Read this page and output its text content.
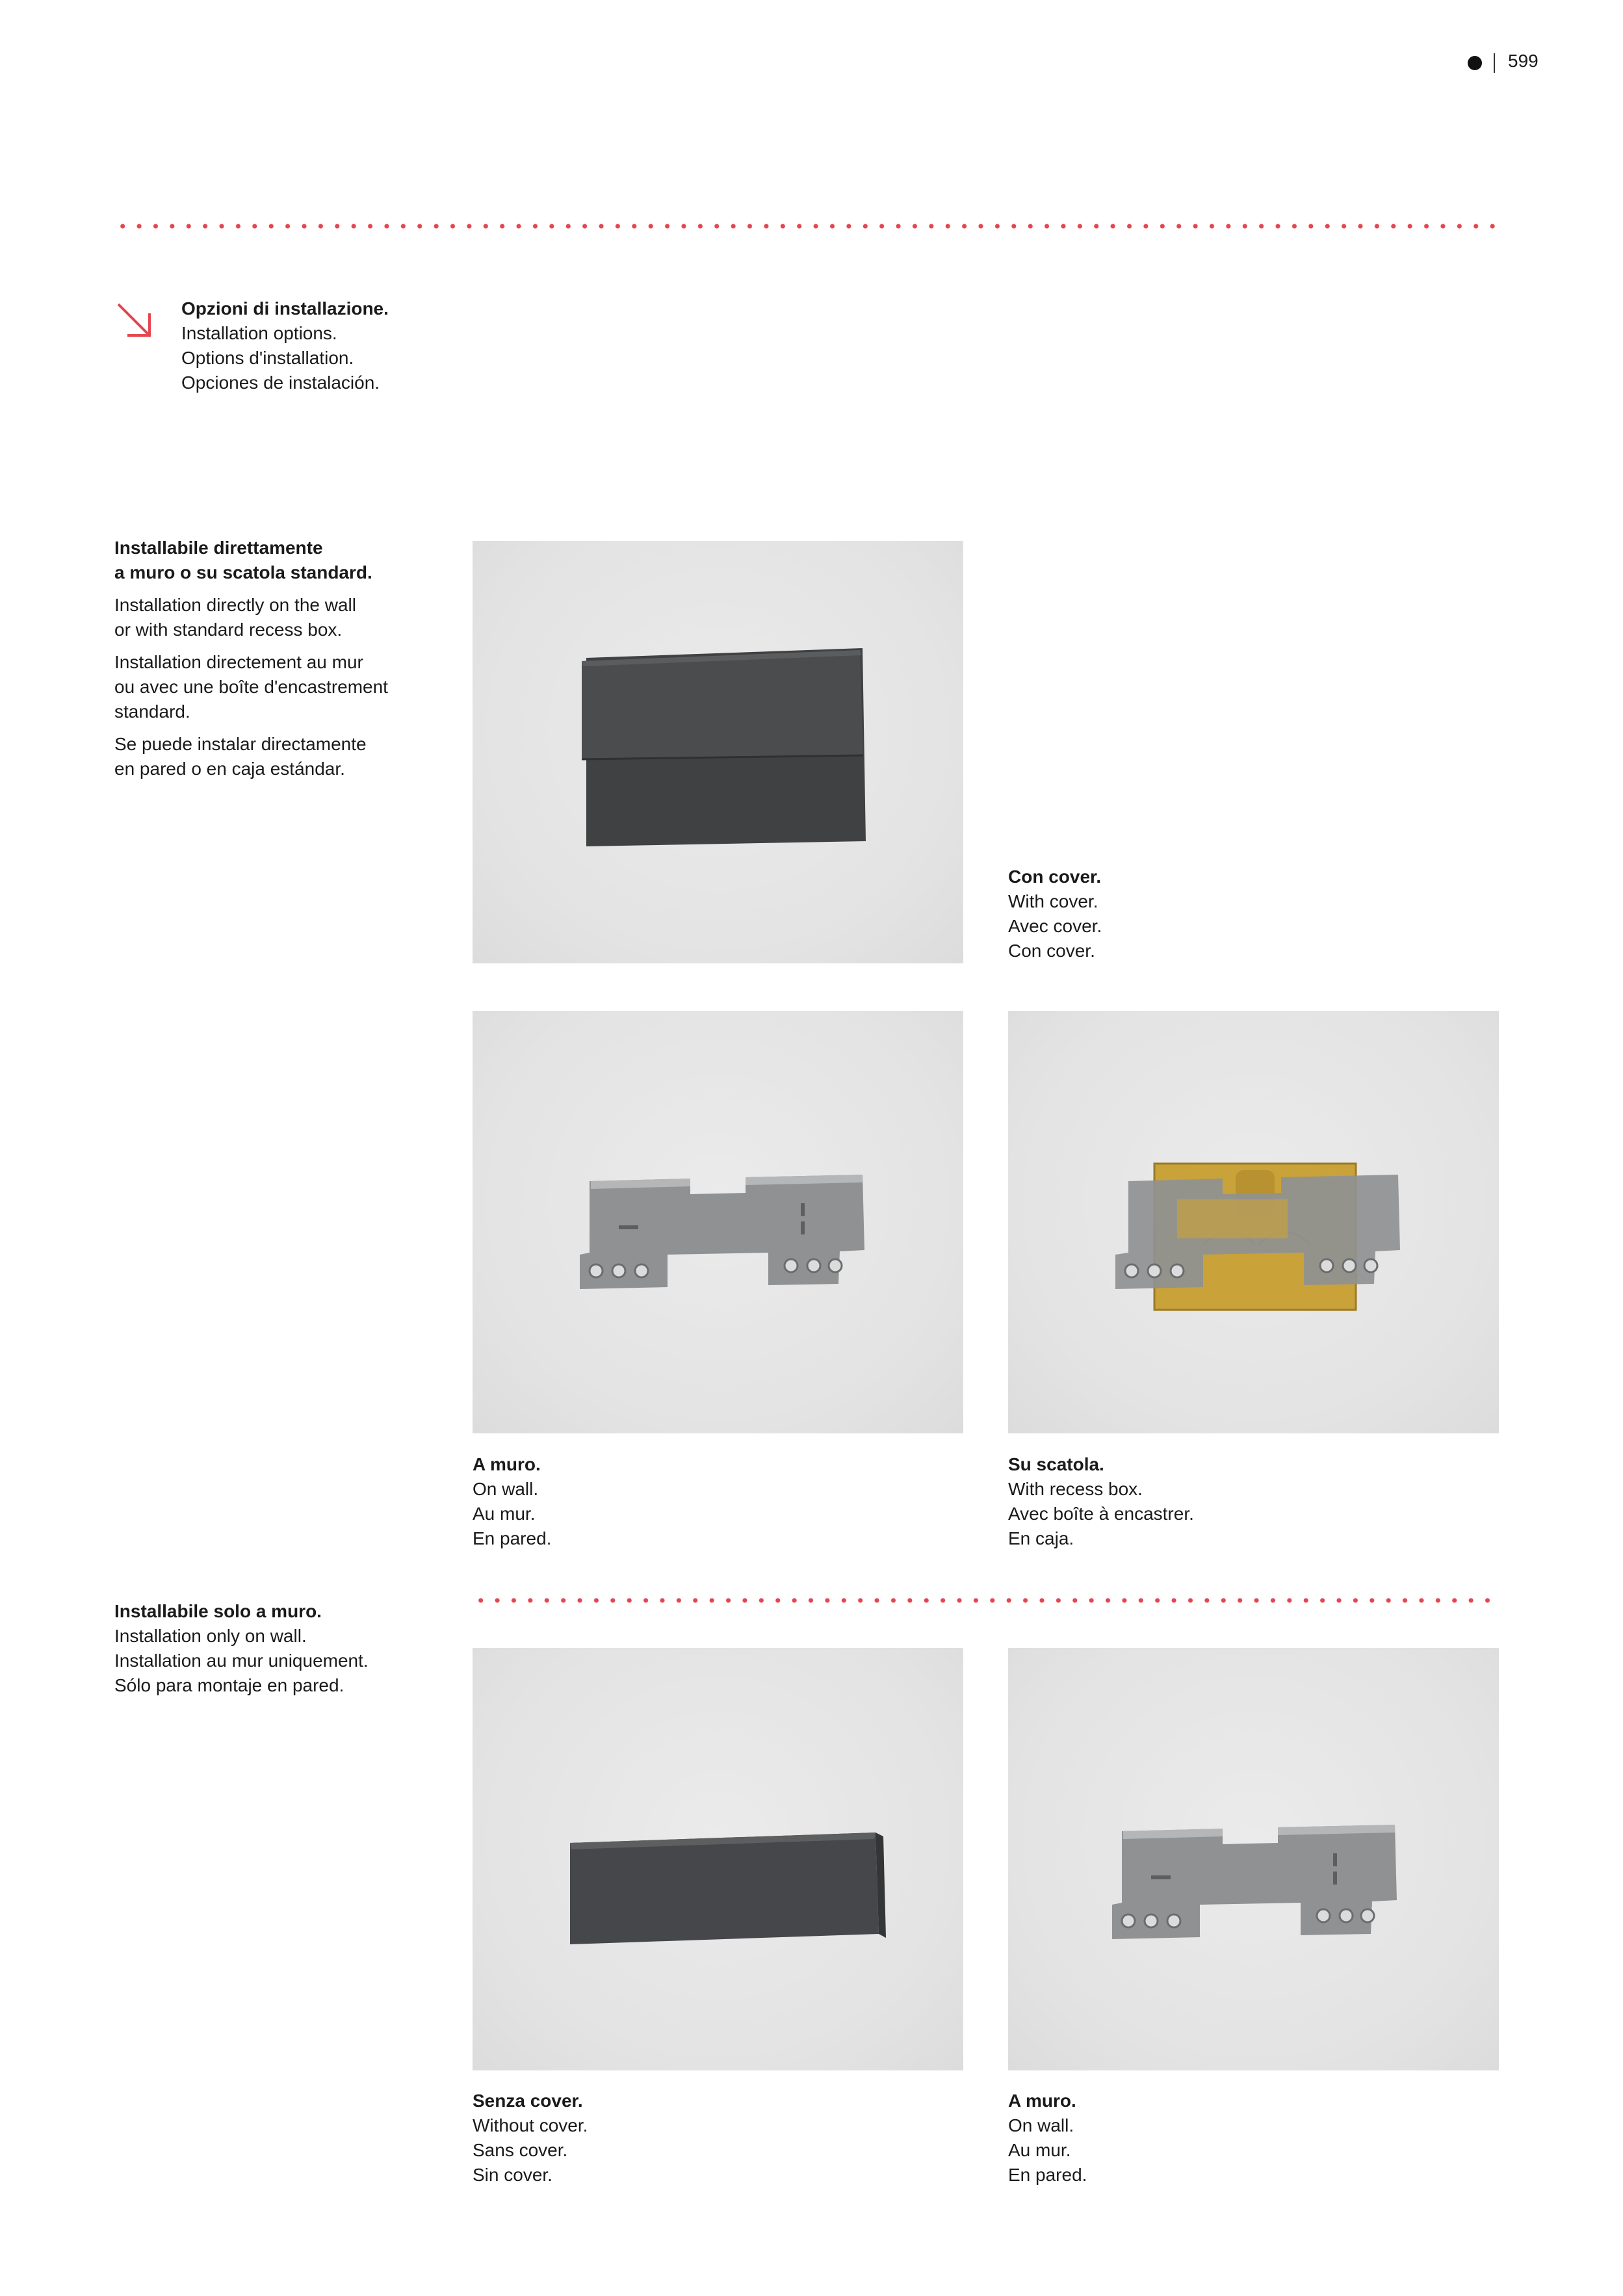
599
Opzioni di installazione.
Installation options.
Options d'installation.
Opciones de instalación.
Installabile direttamente
a muro o su scatola standard.
Installation directly on the wall
or with standard recess box.
Installation directement au mur
ou avec une boîte d'encastrement
standard.
Se puede instalar directamente
en pared o en caja estándar.
Con cover.
With cover.
Avec cover.
Con cover.
A muro.
On wall.
Au mur.
En pared.
Su scatola.
With recess box.
Avec boîte à encastrer.
En caja.
Installabile solo a muro.
Installation only on wall.
Installation au mur uniquement.
Sólo para montaje en pared.
Senza cover.
Without cover.
Sans cover.
Sin cover.
A muro.
On wall.
Au mur.
En pared.
